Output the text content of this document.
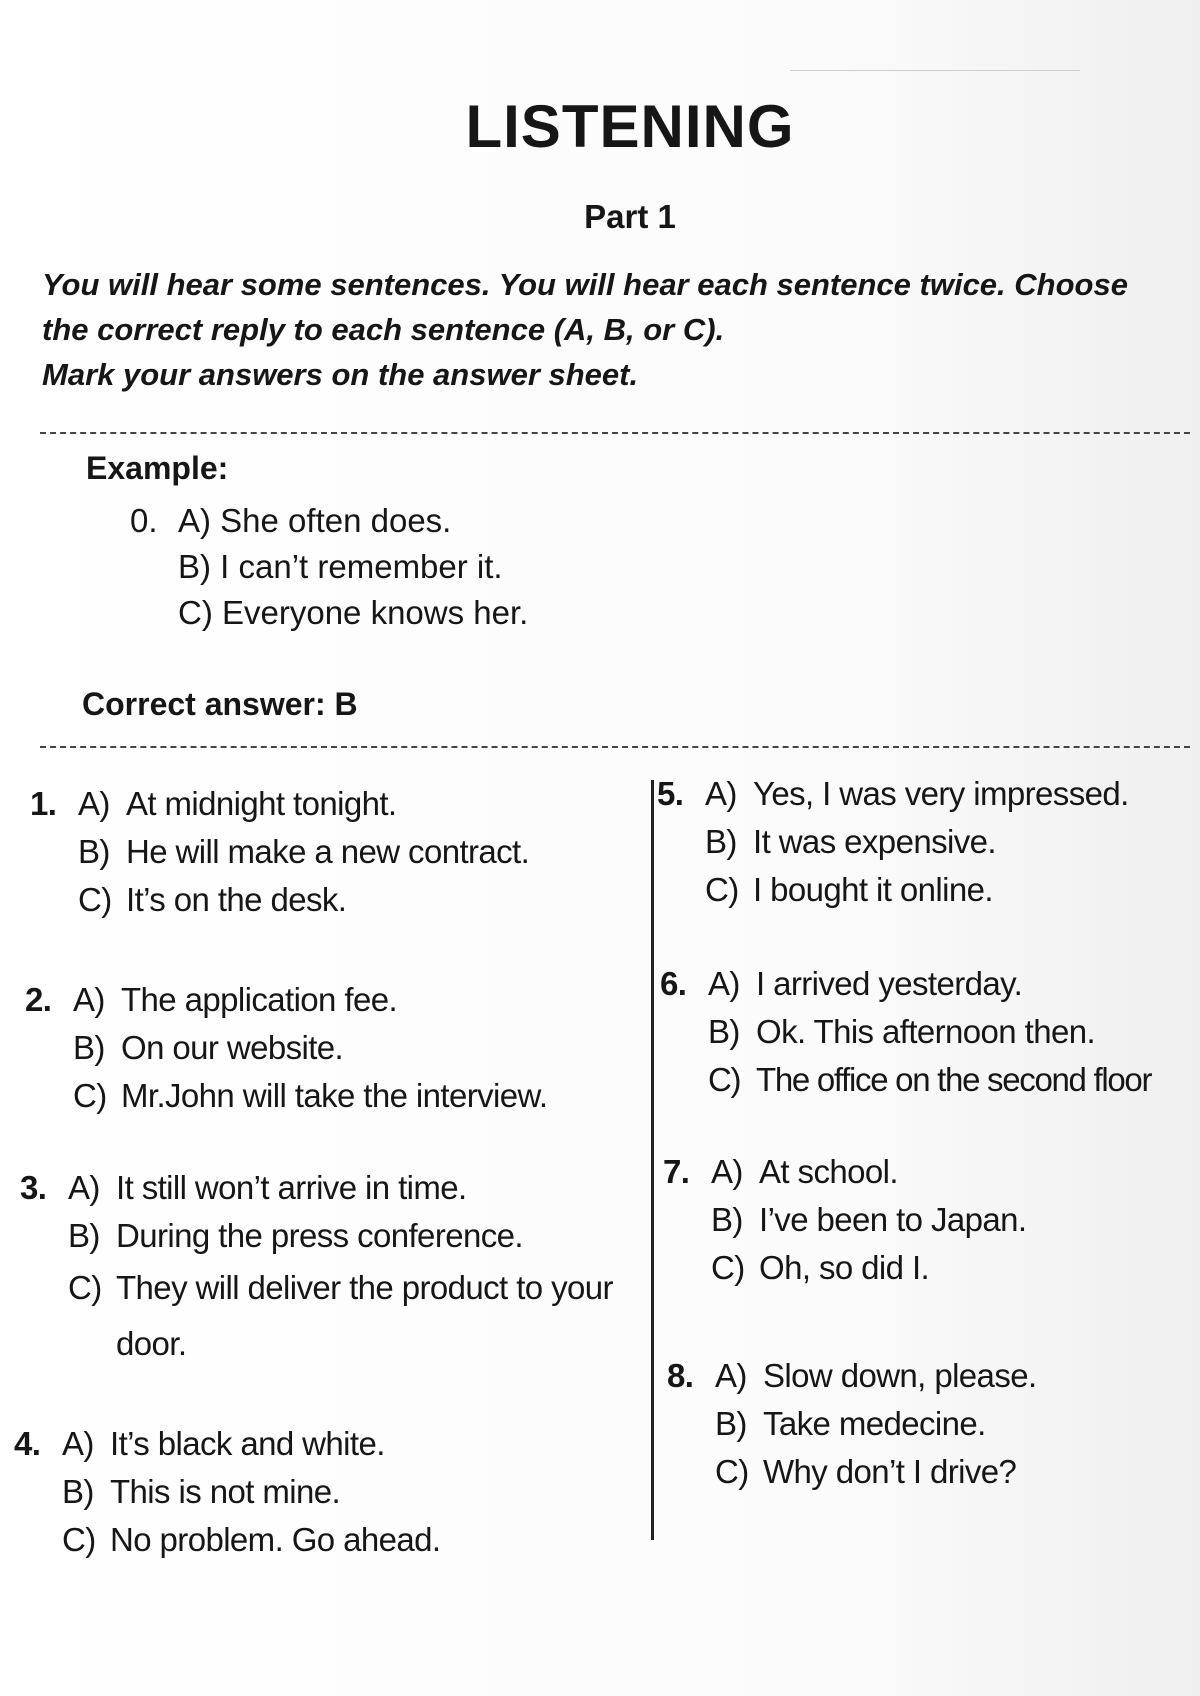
LISTENING
Part 1

You will hear some sentences. You will hear each sentence twice. Choose

the correct reply to each sentence (A, B, or C).

Mark your answers on the answer sheet.

Example:
0. A) She often does.
B) I can’t remember it.
C) Everyone knows her.
Correct answer: B
1. A) At midnight tonight.
B) He will make a new contract.
C) It’s on the desk.
2. A) The application fee.
B) On our website.
C) Mr.John will take the interview.
3. A) It still won’t arrive in time.
B) During the press conference.
C) They will deliver the product to your door.
4. A) It’s black and white.
B) This is not mine.
C) No problem. Go ahead.
5. A) Yes, I was very impressed.
B) It was expensive.
C) I bought it online.
6. A) I arrived yesterday.
B) Ok. This afternoon then.
C) The office on the second floor
7. A) At school.
B) I’ve been to Japan.
C) Oh, so did I.
8. A) Slow down, please.
B) Take medecine.
C) Why don’t I drive?
